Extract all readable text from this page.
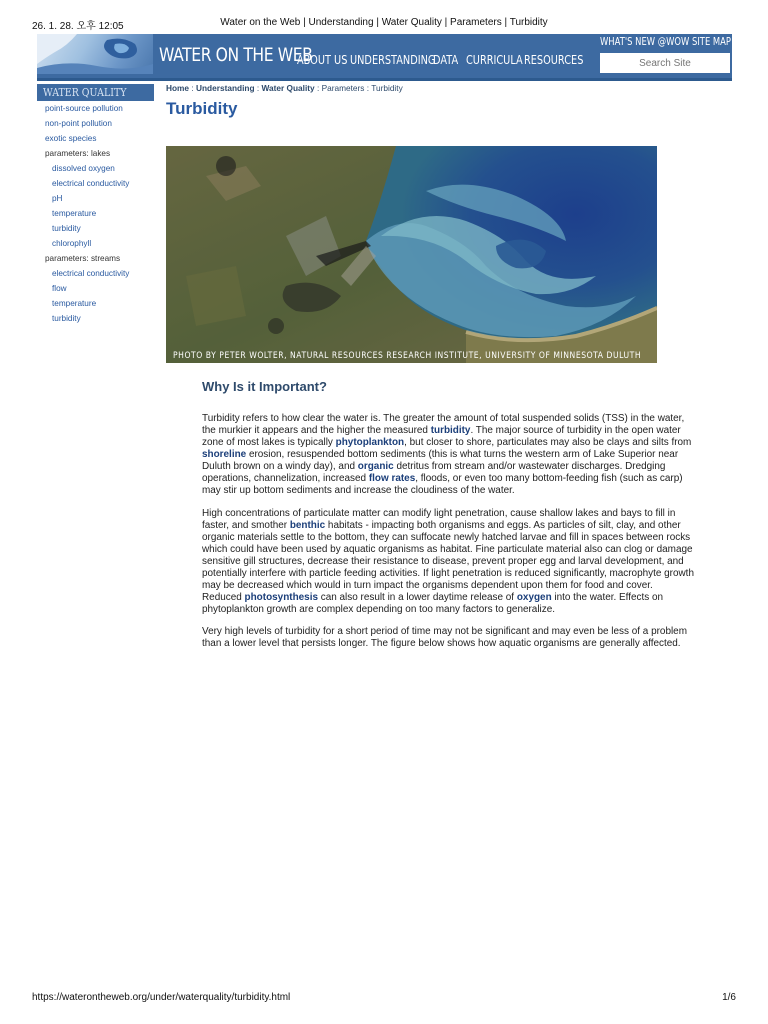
26. 1. 28. 오후 12:05	Water on the Web | Understanding | Water Quality | Parameters | Turbidity
WATER ON THE WEB
ABOUT US UNDERSTANDING
DATA CURRICULA RESOURCES
WHAT'S NEW @WOW SITE MAP
Search Site
WATER QUALITY
point-source pollution
non-point pollution
exotic species
parameters: lakes
dissolved oxygen
electrical conductivity
pH
temperature
turbidity
chlorophyll
parameters: streams
electrical conductivity
flow
temperature
turbidity
Home : Understanding : Water Quality : Parameters : Turbidity
Turbidity
PHOTO BY PETER WOLTER, NATURAL RESOURCES RESEARCH INSTITUTE, UNIVERSITY OF MINNESOTA DULUTH
Why Is it Important?

Turbidity refers to how clear the water is. The greater the amount of total suspended solids (TSS) in the water, the murkier it appears and the higher the measured turbidity. The major source of turbidity in the open water zone of most lakes is typically phytoplankton, but closer to shore, particulates may also be clays and silts from shoreline erosion, resuspended bottom sediments (this is what turns the western arm of Lake Superior near Duluth brown on a windy day), and organic detritus from stream and/or wastewater discharges. Dredging operations, channelization, increased flow rates, floods, or even too many bottom-feeding fish (such as carp) may stir up bottom sediments and increase the cloudiness of the water.

High concentrations of particulate matter can modify light penetration, cause shallow lakes and bays to fill in faster, and smother benthic habitats - impacting both organisms and eggs. As particles of silt, clay, and other organic materials settle to the bottom, they can suffocate newly hatched larvae and fill in spaces between rocks which could have been used by aquatic organisms as habitat. Fine particulate material also can clog or damage sensitive gill structures, decrease their resistance to disease, prevent proper egg and larval development, and potentially interfere with particle feeding activities. If light penetration is reduced significantly, macrophyte growth may be decreased which would in turn impact the organisms dependent upon them for food and cover. Reduced photosynthesis can also result in a lower daytime release of oxygen into the water. Effects on phytoplankton growth are complex depending on too many factors to generalize.

Very high levels of turbidity for a short period of time may not be significant and may even be less of a problem than a lower level that persists longer. The figure below shows how aquatic organisms are generally affected.

https://waterontheweb.org/under/waterquality/turbidity.html	1/6
